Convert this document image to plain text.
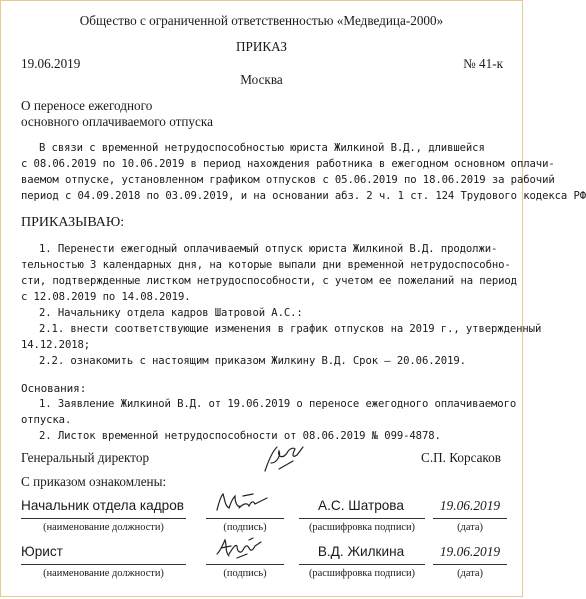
Общество с ограниченной ответственностью «Медведица-2000»
ПРИКАЗ
19.06.2019	№ 41-к
Москва
О переносе ежегодного
основного оплачиваемого отпуска
В связи с временной нетрудоспособностью юриста Жилкиной В.Д., длившейся
с 08.06.2019 по 10.06.2019 в период нахождения работника в ежегодном основном оплачи-
ваемом отпуске, установленном графиком отпусков с 05.06.2019 по 18.06.2019 за рабочий
период с 04.09.2018 по 03.09.2019, и на основании абз. 2 ч. 1 ст. 124 Трудового кодекса РФ
ПРИКАЗЫВАЮ:
1. Перенести ежегодный оплачиваемый отпуск юриста Жилкиной В.Д. продолжи-
тельностью 3 календарных дня, на которые выпали дни временной нетрудоспособно-
сти, подтвержденные листком нетрудоспособности, с учетом ее пожеланий на период
с 12.08.2019 по 14.08.2019.
2. Начальнику отдела кадров Шатровой А.С.:
2.1. внести соответствующие изменения в график отпусков на 2019 г., утвержденный
14.12.2018;
2.2. ознакомить с настоящим приказом Жилкину В.Д. Срок – 20.06.2019.
Основания:
1. Заявление Жилкиной В.Д. от 19.06.2019 о переносе ежегодного оплачиваемого
отпуска.
2. Листок временной нетрудоспособности от 08.06.2019 № 099-4878.
Генеральный директор	С.П. Корсаков
С приказом ознакомлены:
Начальник отдела кадров	А.С. Шатрова	19.06.2019
(наименование должности)	(подпись)	(расшифровка подписи)	(дата)
Юрист	В.Д. Жилкина	19.06.2019
(наименование должности)	(подпись)	(расшифровка подписи)	(дата)
